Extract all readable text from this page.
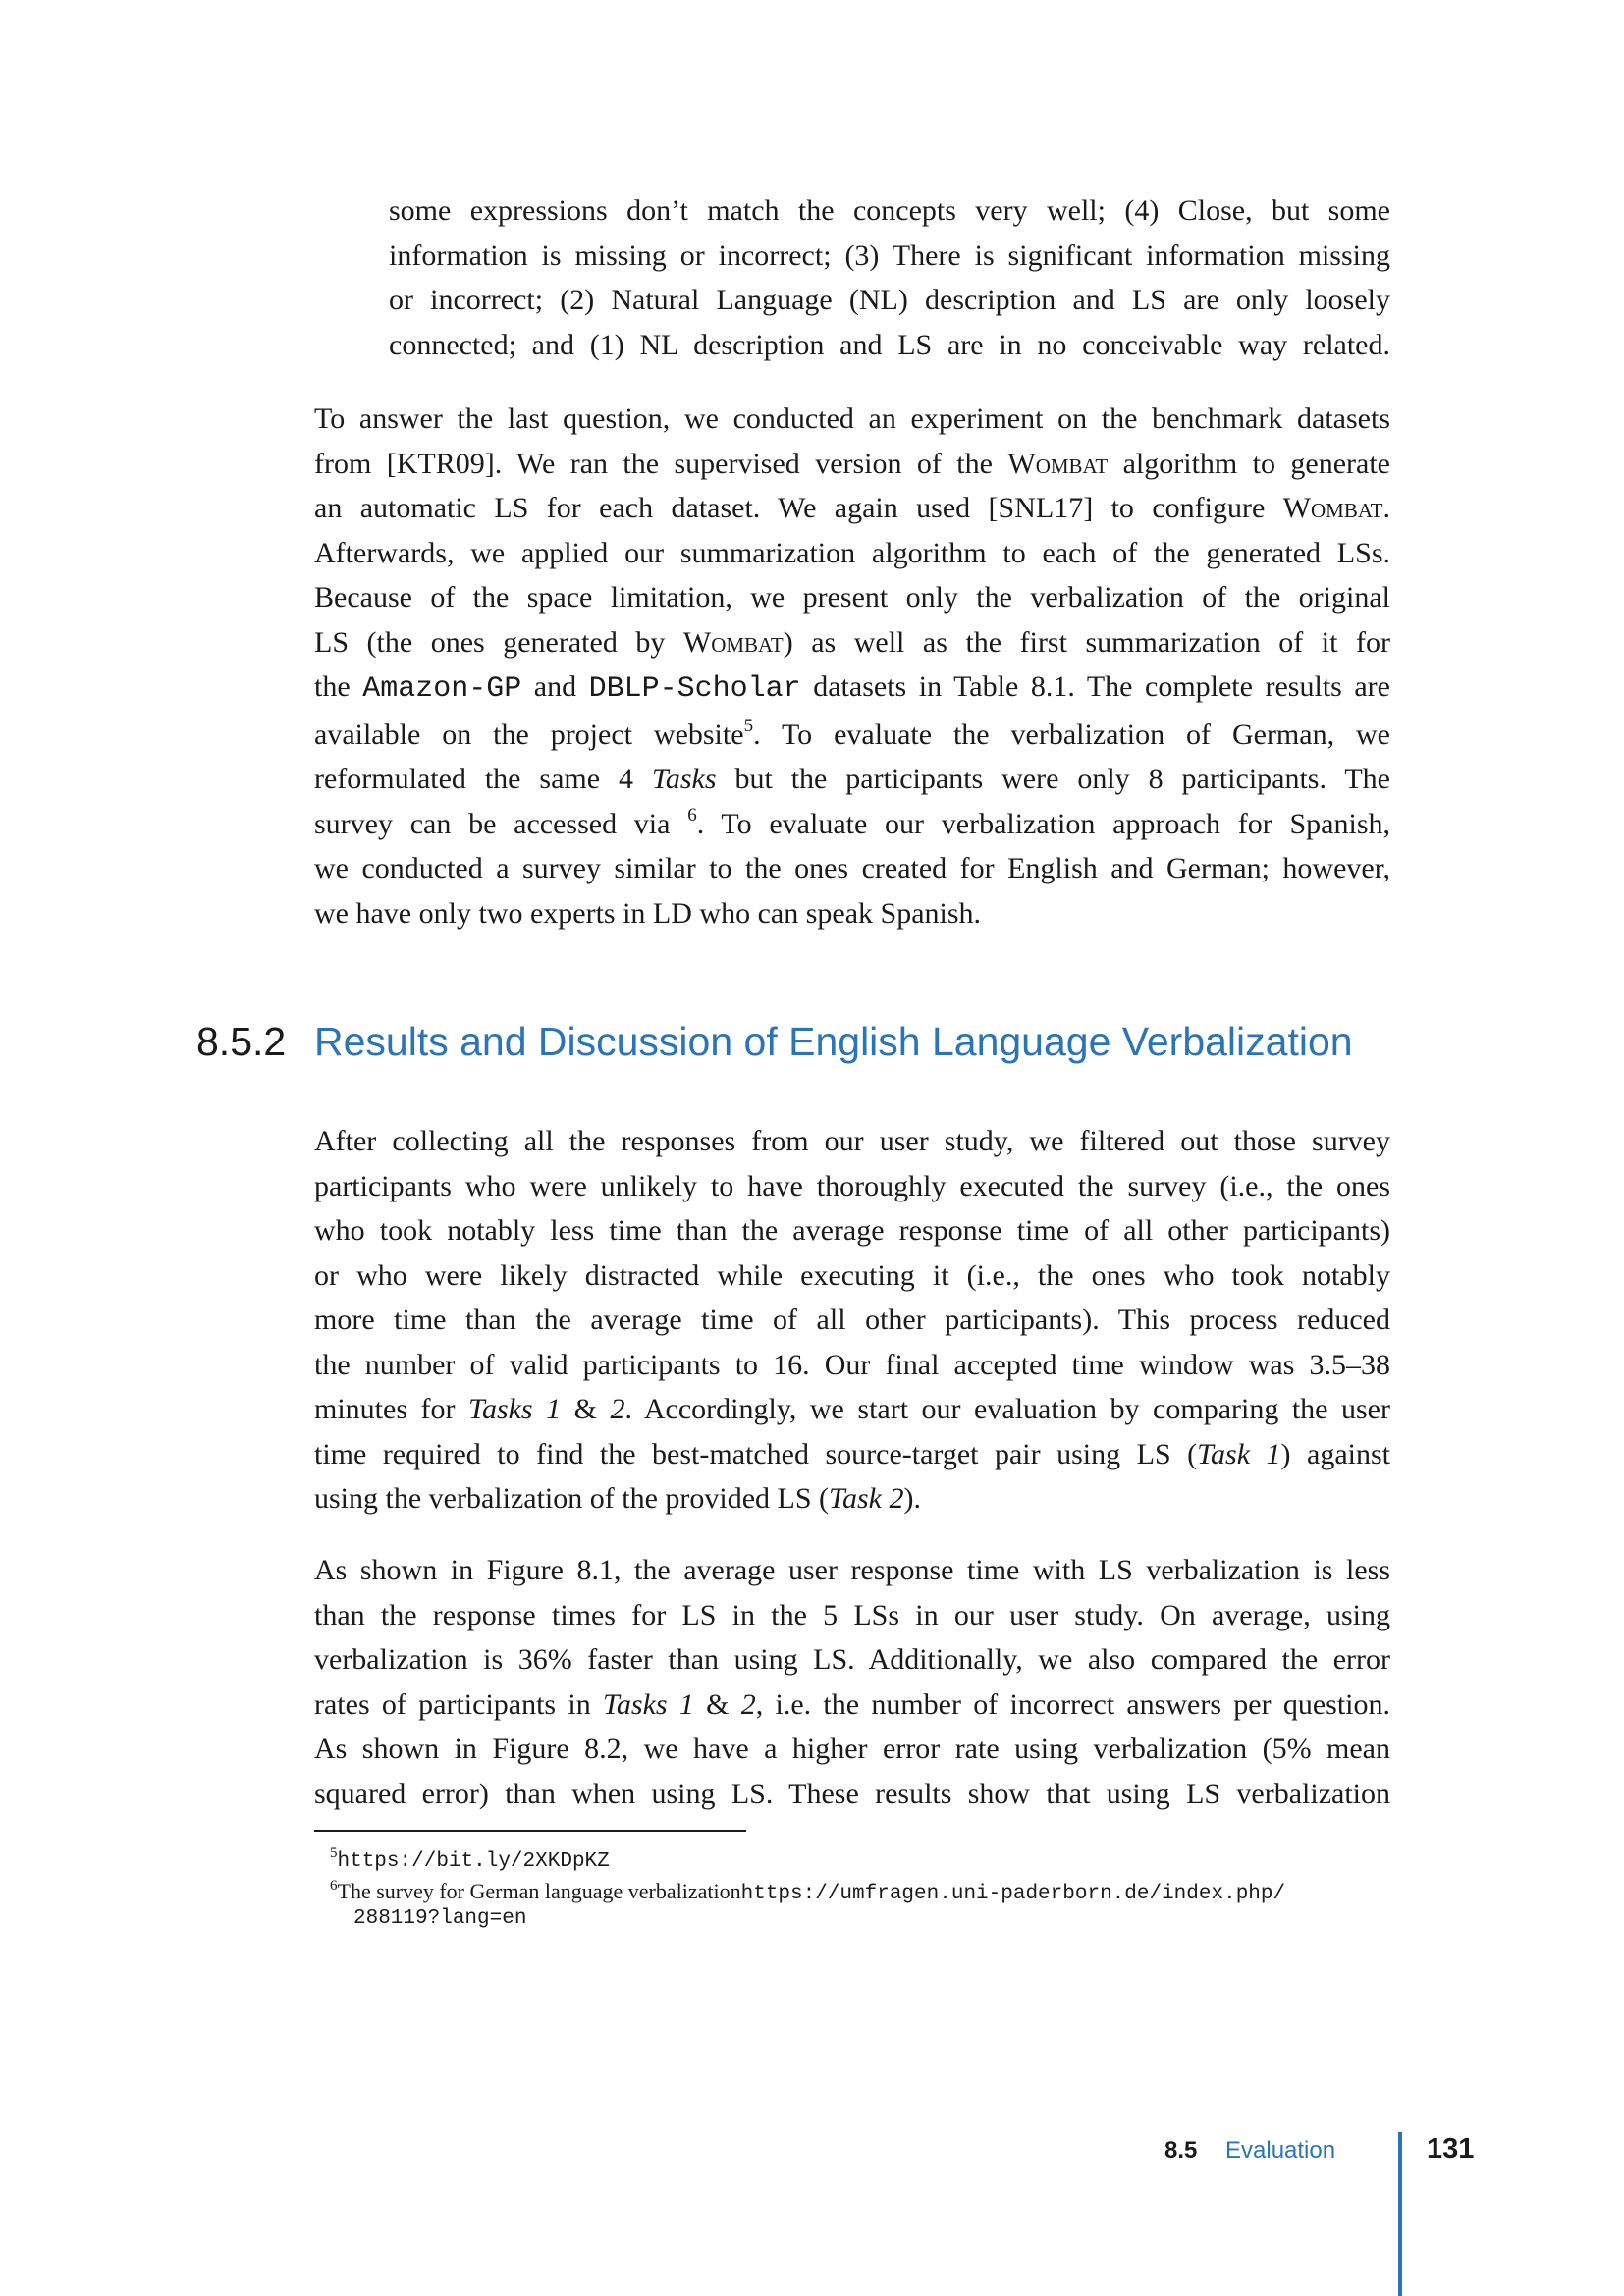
some expressions don’t match the concepts very well; (4) Close, but some
information is missing or incorrect; (3) There is significant information missing
or incorrect; (2) Natural Language (NL) description and LS are only loosely
connected; and (1) NL description and LS are in no conceivable way related.
To answer the last question, we conducted an experiment on the benchmark datasets
from [KTR09]. We ran the supervised version of the Wombat algorithm to generate
an automatic LS for each dataset. We again used [SNL17] to configure Wombat.
Afterwards, we applied our summarization algorithm to each of the generated LSs.
Because of the space limitation, we present only the verbalization of the original
LS (the ones generated by Wombat) as well as the first summarization of it for
the Amazon-GP and DBLP-Scholar datasets in Table 8.1. The complete results are
available on the project website$^5$. To evaluate the verbalization of German, we
reformulated the same 4 Tasks but the participants were only 8 participants. The
survey can be accessed via $^6$. To evaluate our verbalization approach for Spanish,
we conducted a survey similar to the ones created for English and German; however,
we have only two experts in LD who can speak Spanish.
8.5.2 Results and Discussion of English Language Verbalization
After collecting all the responses from our user study, we filtered out those survey
participants who were unlikely to have thoroughly executed the survey (i.e., the ones
who took notably less time than the average response time of all other participants)
or who were likely distracted while executing it (i.e., the ones who took notably
more time than the average time of all other participants). This process reduced
the number of valid participants to 16. Our final accepted time window was 3.5–38
minutes for Tasks 1 & 2. Accordingly, we start our evaluation by comparing the user
time required to find the best-matched source-target pair using LS (Task 1) against
using the verbalization of the provided LS (Task 2).
As shown in Figure 8.1, the average user response time with LS verbalization is less
than the response times for LS in the 5 LSs in our user study. On average, using
verbalization is 36% faster than using LS. Additionally, we also compared the error
rates of participants in Tasks 1 & 2, i.e. the number of incorrect answers per question.
As shown in Figure 8.2, we have a higher error rate using verbalization (5% mean
squared error) than when using LS. These results show that using LS verbalization
$^5$https://bit.ly/2XKDpKZ
$^6$The survey for German language verbalizationhttps://umfragen.uni-paderborn.de/index.php/
288119?lang=en
8.5 Evaluation	131
